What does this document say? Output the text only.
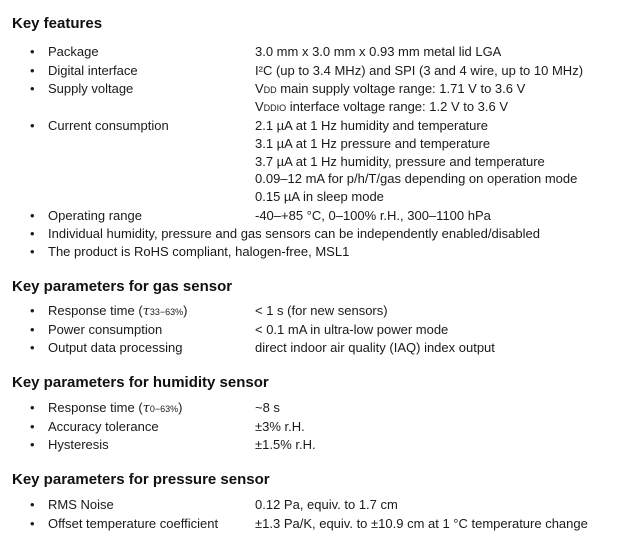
Key features
• Package	3.0 mm x 3.0 mm x 0.93 mm metal lid LGA
• Digital interface	I²C (up to 3.4 MHz) and SPI (3 and 4 wire, up to 10 MHz)
• Supply voltage	VDD main supply voltage range: 1.71 V to 3.6 V
VDDIO interface voltage range: 1.2 V to 3.6 V
• Current consumption	2.1 µA at 1 Hz humidity and temperature
3.1 µA at 1 Hz pressure and temperature
3.7 µA at 1 Hz humidity, pressure and temperature
0.09–12 mA for p/h/T/gas depending on operation mode
0.15 µA in sleep mode
• Operating range	-40–+85 °C, 0–100% r.H., 300–1100 hPa
• Individual humidity, pressure and gas sensors can be independently enabled/disabled
• The product is RoHS compliant, halogen-free, MSL1
Key parameters for gas sensor
• Response time (τ33−63%)	< 1 s (for new sensors)
• Power consumption	< 0.1 mA in ultra-low power mode
• Output data processing	direct indoor air quality (IAQ) index output
Key parameters for humidity sensor
• Response time (τ0−63%)	~8 s
• Accuracy tolerance	±3% r.H.
• Hysteresis	±1.5% r.H.
Key parameters for pressure sensor
• RMS Noise	0.12 Pa, equiv. to 1.7 cm
• Offset temperature coefficient	±1.3 Pa/K, equiv. to ±10.9 cm at 1 °C temperature change
